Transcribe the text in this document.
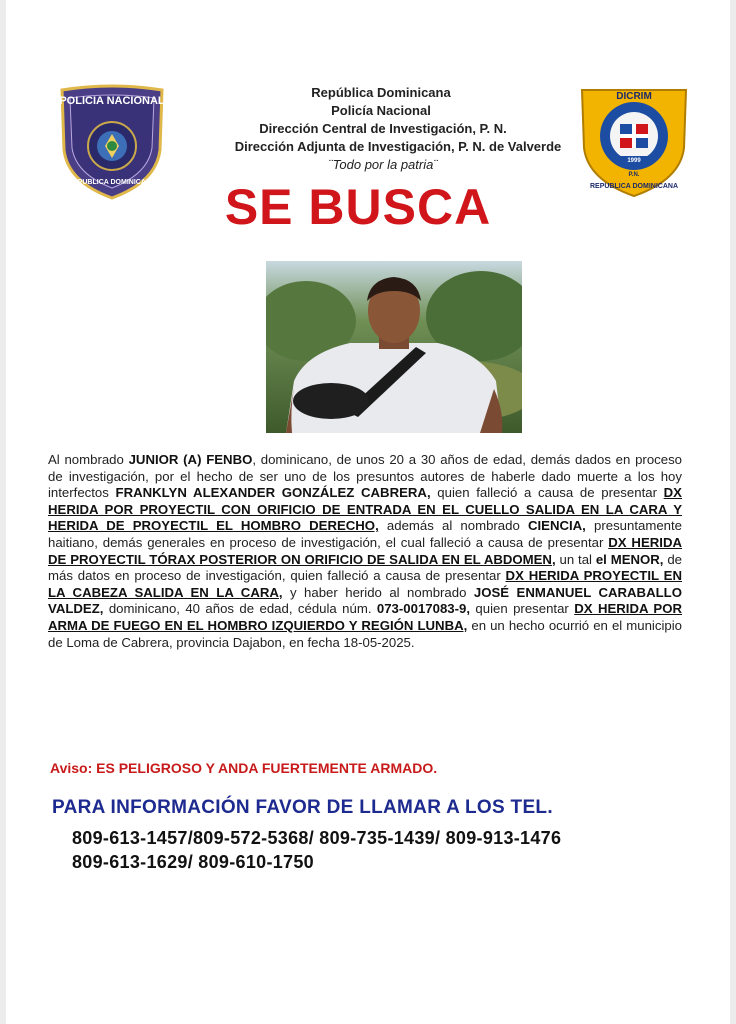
POLICIA NACIONAL
REPUBLICA DOMINICANA
DICRIM
1999
P.N.
REPUBLICA DOMINICANA
República Dominicana
Policía Nacional
Dirección Central de Investigación, P. N.
Dirección Adjunta de Investigación, P. N. de Valverde
¨Todo por la patria¨
SE BUSCA
Al nombrado JUNIOR (A) FENBO, dominicano, de unos 20 a 30 años de edad, demás dados en proceso de investigación, por el hecho de ser uno de los presuntos autores de haberle dado muerte a los hoy interfectos FRANKLYN ALEXANDER GONZÁLEZ CABRERA, quien falleció a causa de presentar DX HERIDA POR PROYECTIL CON ORIFICIO DE ENTRADA EN EL CUELLO SALIDA EN LA CARA Y HERIDA DE PROYECTIL EL HOMBRO DERECHO, además al nombrado CIENCIA, presuntamente haitiano, demás generales en proceso de investigación, el cual falleció a causa de presentar DX HERIDA DE PROYECTIL TÓRAX POSTERIOR ON ORIFICIO DE SALIDA EN EL ABDOMEN, un tal el MENOR, de más datos en proceso de investigación, quien falleció a causa de presentar DX HERIDA PROYECTIL EN LA CABEZA SALIDA EN LA CARA, y haber herido al nombrado JOSÉ ENMANUEL CARABALLO VALDEZ, dominicano, 40 años de edad, cédula núm. 073-0017083-9, quien presentar DX HERIDA POR ARMA DE FUEGO EN EL HOMBRO IZQUIERDO Y REGIÓN LUNBA, en un hecho ocurrió en el municipio de Loma de Cabrera, provincia Dajabon, en fecha 18-05-2025.
Aviso: ES PELIGROSO Y ANDA FUERTEMENTE ARMADO.
PARA INFORMACIÓN FAVOR DE LLAMAR A LOS TEL.
809-613-1457/809-572-5368/ 809-735-1439/ 809-913-1476
809-613-1629/ 809-610-1750
